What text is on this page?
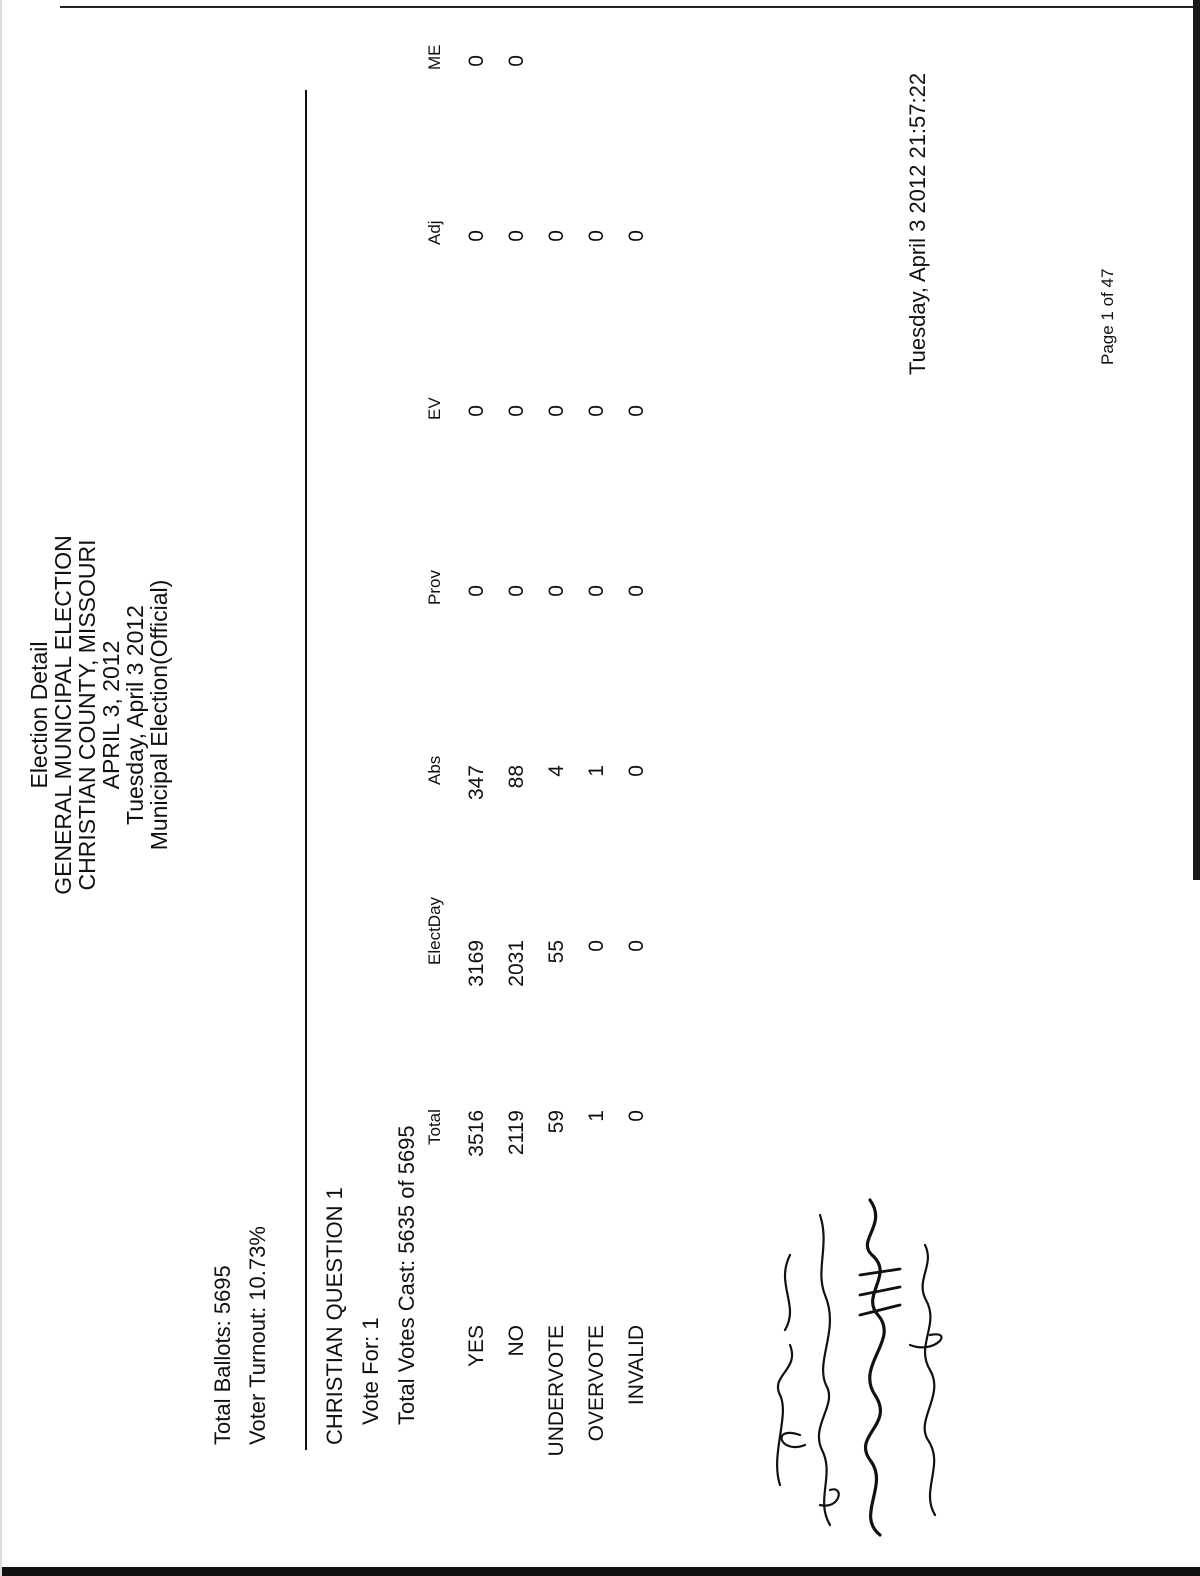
Election Detail
GENERAL MUNICIPAL ELECTION
CHRISTIAN COUNTY, MISSOURI
APRIL 3, 2012
Tuesday, April 3 2012
Municipal Election(Official)
Tuesday, April 3 2012 21:57:22
Total Ballots: 5695 Voter Turnout: 10.73% CHRISTIAN QUESTION 1 Vote For: 1 Total Votes Cast: 5635 of 5695 Total
ElectDay
Abs
Prov
EV
Adj
ME
YES
3516
3169
347
0
0
0
0
NO
2119
2031
88
0
0
0
0
UNDERVOTE
59
55
4
0
0
0
OVERVOTE
1
0
1
0
0
0
INVALID
0
0
0
0
0
0
Page 1 of 47
